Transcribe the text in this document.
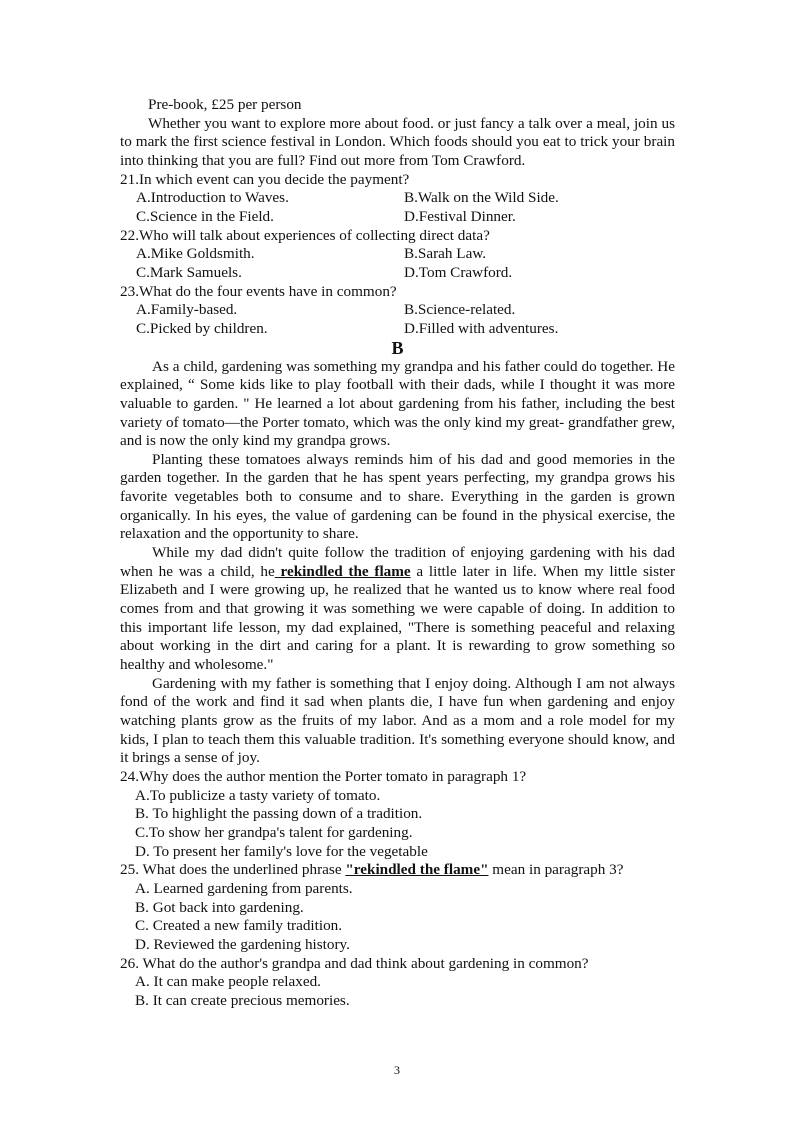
Pre-book, £25 per person
Whether you want to explore more about food. or just fancy a talk over a meal, join us to mark the first science festival in London. Which foods should you eat to trick your brain into thinking that you are full? Find out more from Tom Crawford.
21.In which event can you decide the payment?
A.Introduction to Waves.	B.Walk on the Wild Side.
C.Science in the Field.	D.Festival Dinner.
22.Who will talk about experiences of collecting direct data?
A.Mike Goldsmith.	B.Sarah Law.
C.Mark Samuels.	D.Tom Crawford.
23.What do the four events have in common?
A.Family-based.	B.Science-related.
C.Picked by children.	D.Filled with adventures.
B
As a child, gardening was something my grandpa and his father could do together. He explained, “ Some kids like to play football with their dads, while I thought it was more valuable to garden. " He learned a lot about gardening from his father, including the best variety of tomato—the Porter tomato, which was the only kind my great- grandfather grew, and is now the only kind my grandpa grows.
Planting these tomatoes always reminds him of his dad and good memories in the garden together. In the garden that he has spent years perfecting, my grandpa grows his favorite vegetables both to consume and to share. Everything in the garden is grown organically. In his eyes, the value of gardening can be found in the physical exercise, the relaxation and the opportunity to share.
While my dad didn't quite follow the tradition of enjoying gardening with his dad when he was a child, he rekindled the flame a little later in life. When my little sister Elizabeth and I were growing up, he realized that he wanted us to know where real food comes from and that growing it was something we were capable of doing. In addition to this important life lesson, my dad explained, "There is something peaceful and relaxing about working in the dirt and caring for a plant. It is rewarding to grow something so healthy and wholesome."
Gardening with my father is something that I enjoy doing. Although I am not always fond of the work and find it sad when plants die, I have fun when gardening and enjoy watching plants grow as the fruits of my labor. And as a mom and a role model for my kids, I plan to teach them this valuable tradition. It's something everyone should know, and it brings a sense of joy.
24.Why does the author mention the Porter tomato in paragraph 1?
A.To publicize a tasty variety of tomato.
B. To highlight the passing down of a tradition.
C.To show her grandpa's talent for gardening.
D. To present her family's love for the vegetable
25. What does the underlined phrase "rekindled the flame" mean in paragraph 3?
A. Learned gardening from parents.
B. Got back into gardening.
C. Created a new family tradition.
D. Reviewed the gardening history.
26. What do the author's grandpa and dad think about gardening in common?
A. It can make people relaxed.
B. It can create precious memories.
3
